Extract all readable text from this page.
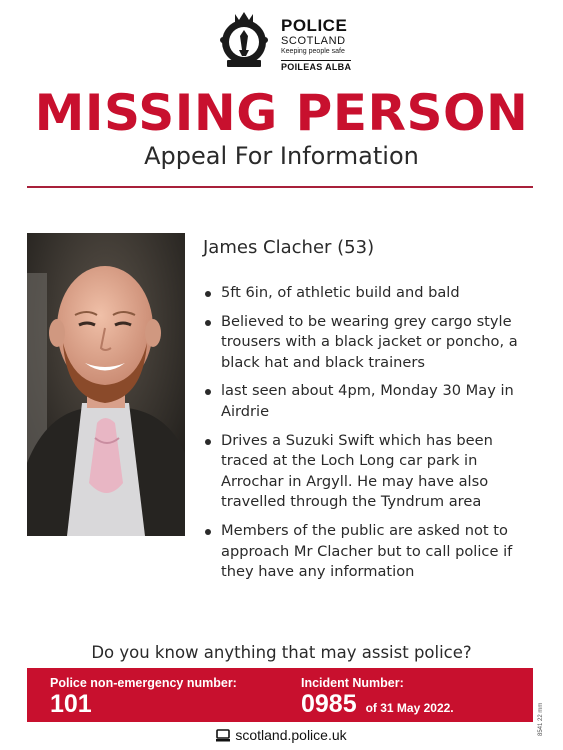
POLICE
SCOTLAND
Keeping people safe
POILEAS ALBA
MISSING PERSON
Appeal For Information
James Clacher (53)
5ft 6in, of athletic build and bald
Believed to be wearing grey cargo style trousers with a black jacket or poncho, a black hat and black trainers
last seen about 4pm, Monday 30 May in Airdrie
Drives a Suzuki Swift which has been traced at the Loch Long car park in Arrochar in Argyll. He may have also travelled through the Tyndrum area
Members of the public are asked not to approach Mr Clacher but to call police if they have any information
Do you know anything that may assist police?
Police non-emergency number:
101
Incident Number:
0985 of 31 May 2022.
scotland.police.uk	8541 22 mm
